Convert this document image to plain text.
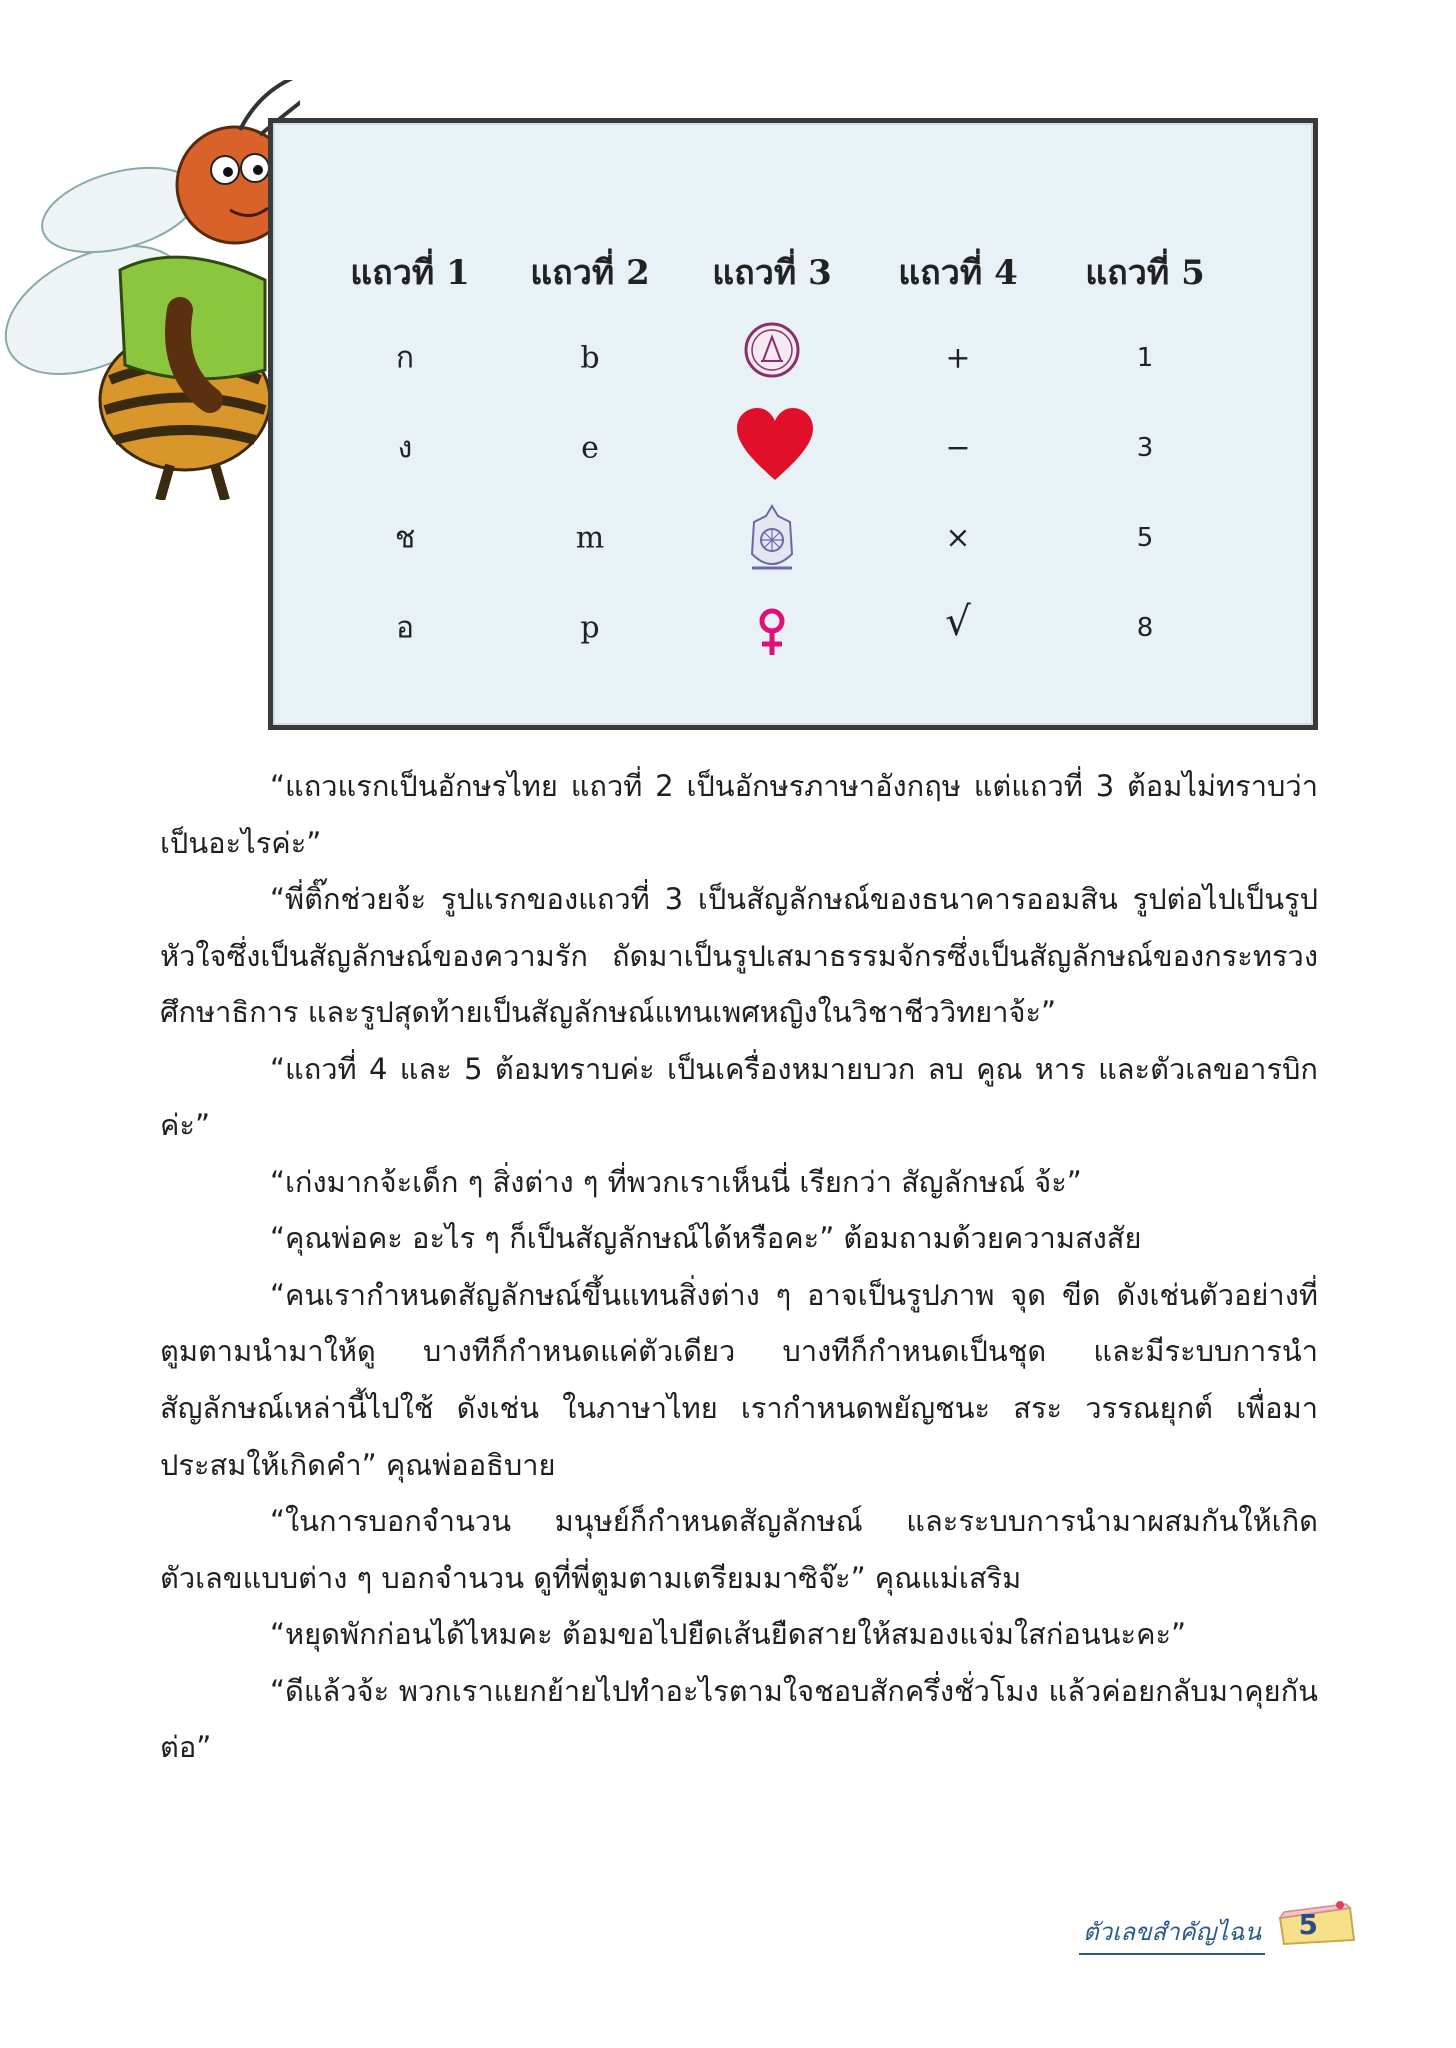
แถวที่ 1 แถวที่ 2 แถวที่ 3 แถวที่ 4 แถวที่ 5
ก
ง
ช
อ
b
e
m
p
+
−
×
√
1
3
5
8

“แถวแรกเป็นอักษรไทย แถวที่ 2 เป็นอักษรภาษาอังกฤษ แต่แถวที่ 3 ต้อมไม่ทราบว่าเป็นอะไรค่ะ”

“พี่ติ๊กช่วยจ้ะ รูปแรกของแถวที่ 3 เป็นสัญลักษณ์ของธนาคารออมสิน รูปต่อไปเป็นรูปหัวใจซึ่งเป็นสัญลักษณ์ของความรัก ถัดมาเป็นรูปเสมาธรรมจักรซึ่งเป็นสัญลักษณ์ของกระทรวงศึกษาธิการ และรูปสุดท้ายเป็นสัญลักษณ์แทนเพศหญิงในวิชาชีววิทยาจ้ะ”

“แถวที่ 4 และ 5 ต้อมทราบค่ะ เป็นเครื่องหมายบวก ลบ คูณ หาร และตัวเลขอารบิกค่ะ”

“เก่งมากจ้ะเด็ก ๆ สิ่งต่าง ๆ ที่พวกเราเห็นนี่ เรียกว่า สัญลักษณ์ จ้ะ”

“คุณพ่อคะ อะไร ๆ ก็เป็นสัญลักษณ์ได้หรือคะ” ต้อมถามด้วยความสงสัย

“คนเรากำหนดสัญลักษณ์ขึ้นแทนสิ่งต่าง ๆ อาจเป็นรูปภาพ จุด ขีด ดังเช่นตัวอย่างที่ตูมตามนำมาให้ดู บางทีก็กำหนดแค่ตัวเดียว บางทีก็กำหนดเป็นชุด และมีระบบการนำสัญลักษณ์เหล่านี้ไปใช้ ดังเช่น ในภาษาไทย เรากำหนดพยัญชนะ สระ วรรณยุกต์ เพื่อมาประสมให้เกิดคำ” คุณพ่ออธิบาย

“ในการบอกจำนวน มนุษย์ก็กำหนดสัญลักษณ์ และระบบการนำมาผสมกันให้เกิดตัวเลขแบบต่าง ๆ บอกจำนวน ดูที่พี่ตูมตามเตรียมมาซิจ๊ะ” คุณแม่เสริม

“หยุดพักก่อนได้ไหมคะ ต้อมขอไปยืดเส้นยืดสายให้สมองแจ่มใสก่อนนะคะ”

“ดีแล้วจ้ะ พวกเราแยกย้ายไปทำอะไรตามใจชอบสักครึ่งชั่วโมง แล้วค่อยกลับมาคุยกันต่อ”

ตัวเลขสำคัญไฉน 5
